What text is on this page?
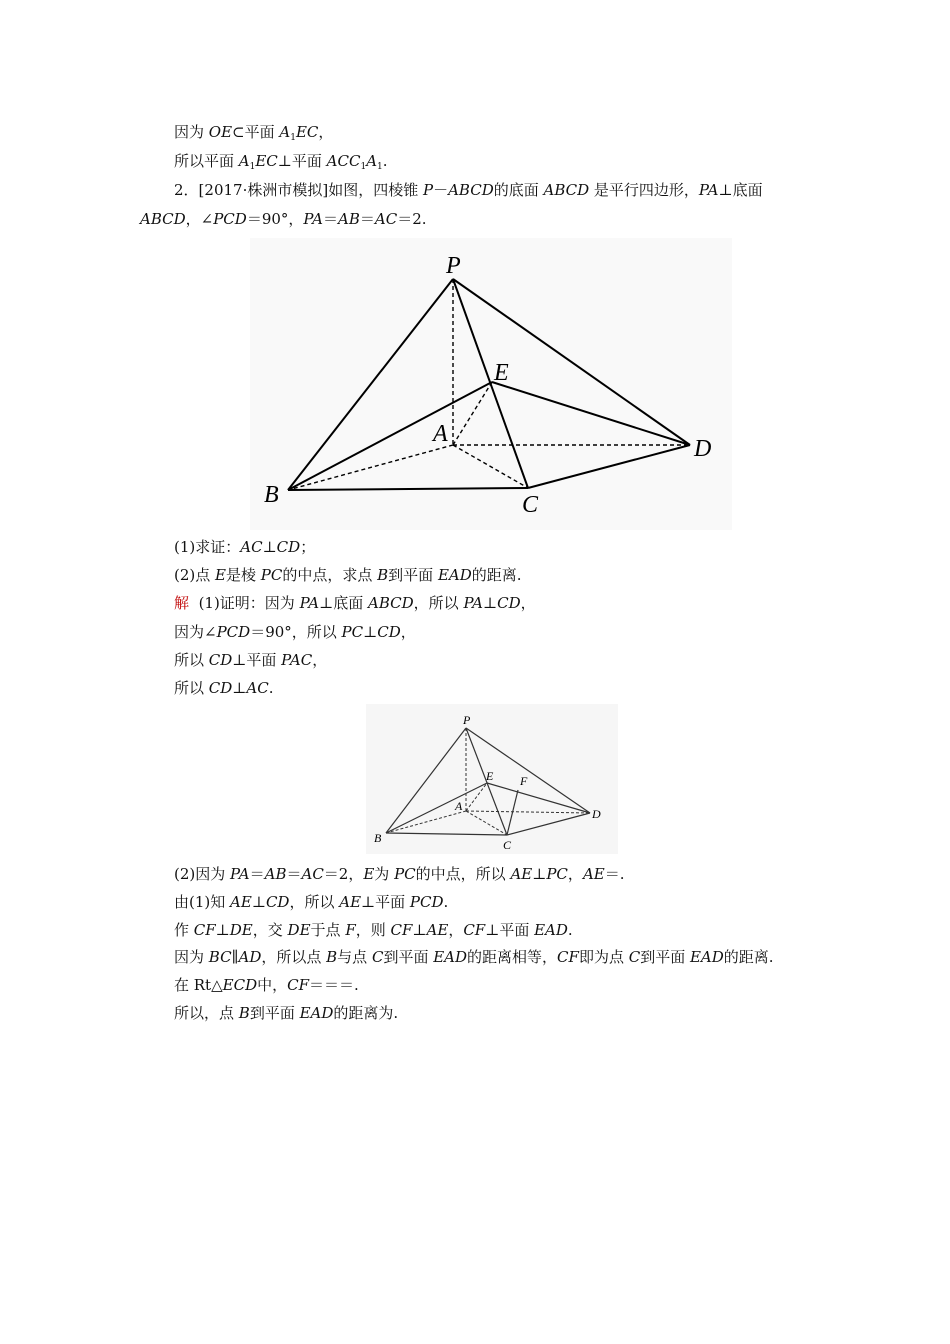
因为 OE⊂平面 $A_1EC$，
所以平面 $A_1EC\perp$平面 $ACC_1A_1$.
2．[2017·株洲市模拟]如图，四棱锥 P－ABCD的底面 ABCD 是平行四边形，PA⊥底面
ABCD，∠PCD＝90°，PA＝AB＝AC＝2.
P
E
A
D
B	C
(1)求证：AC⊥CD；
(2)点 E是棱 PC的中点，求点 B到平面 EAD的距离.
解 (1)证明：因为 PA⊥底面 ABCD，所以 PA⊥CD，
因为∠PCD＝90°，所以 PC⊥CD，
所以 CD⊥平面 PAC，
所以 CD⊥AC.
P
E F
A
D
B	C
(2)因为 PA＝AB＝AC＝2，E为 PC的中点，所以 AE⊥PC，AE＝.
由(1)知 AE⊥CD，所以 AE⊥平面 PCD.
作 CF⊥DE，交 DE于点 F，则 CF⊥AE，CF⊥平面 EAD.
因为 BC∥AD，所以点 B与点 C到平面 EAD的距离相等，CF即为点 C到平面 EAD的距离.
在 Rt△ECD中，CF＝＝＝.
所以，点 B到平面 EAD的距离为.
